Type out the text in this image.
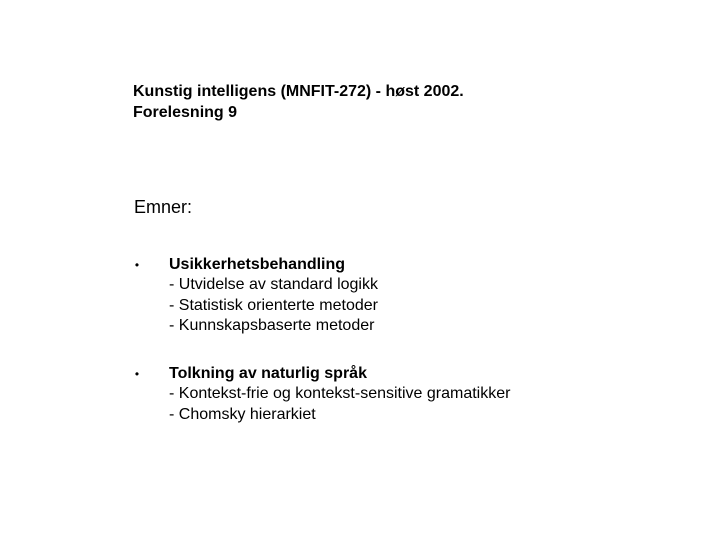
Kunstig intelligens (MNFIT-272) - høst 2002.
Forelesning 9
Emner:
•	Usikkerhetsbehandling
- Utvidelse av standard logikk
- Statistisk orienterte metoder
- Kunnskapsbaserte metoder
•	Tolkning av naturlig språk
- Kontekst-frie og kontekst-sensitive gramatikker
- Chomsky hierarkiet
